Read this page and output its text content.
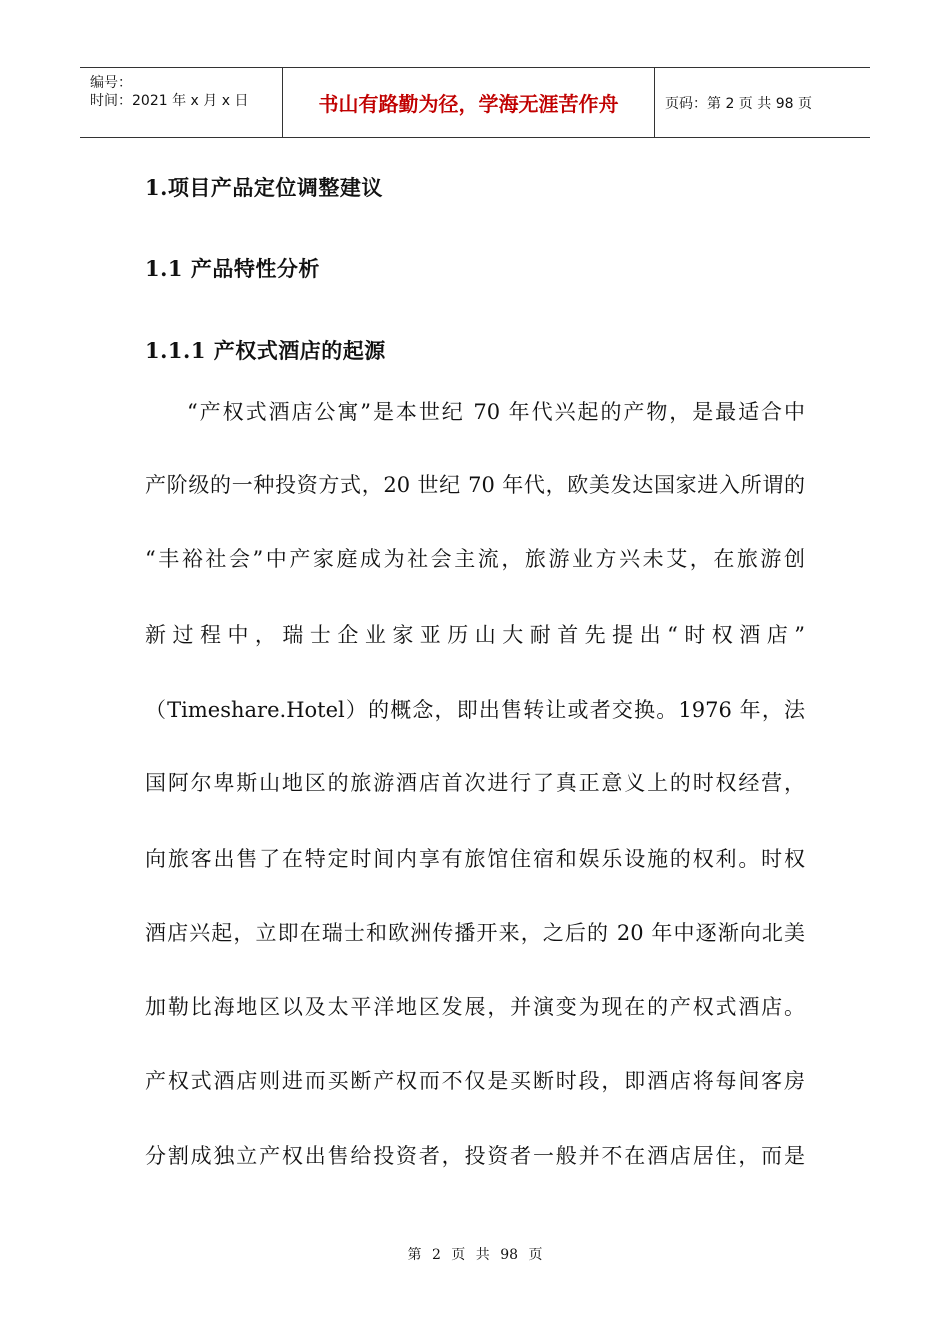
编号：
时间：2021 年 x 月 x 日	书山有路勤为径，学海无涯苦作舟	页码：第 2 页 共 98 页
1.项目产品定位调整建议
1.1 产品特性分析
1.1.1 产权式酒店的起源
“产权式酒店公寓”是本世纪 70 年代兴起的产物，是最适合中
产阶级的一种投资方式，20 世纪 70 年代，欧美发达国家进入所谓的
“丰裕社会”中产家庭成为社会主流，旅游业方兴未艾，在旅游创
新过程中，瑞士企业家亚历山大耐首先提出“时权酒店”
（Timeshare.Hotel）的概念，即出售转让或者交换。1976 年，法
国阿尔卑斯山地区的旅游酒店首次进行了真正意义上的时权经营，
向旅客出售了在特定时间内享有旅馆住宿和娱乐设施的权利。时权
酒店兴起，立即在瑞士和欧洲传播开来，之后的 20 年中逐渐向北美
加勒比海地区以及太平洋地区发展，并演变为现在的产权式酒店。
产权式酒店则进而买断产权而不仅是买断时段，即酒店将每间客房
分割成独立产权出售给投资者，投资者一般并不在酒店居住，而是
第 2 页 共 98 页
